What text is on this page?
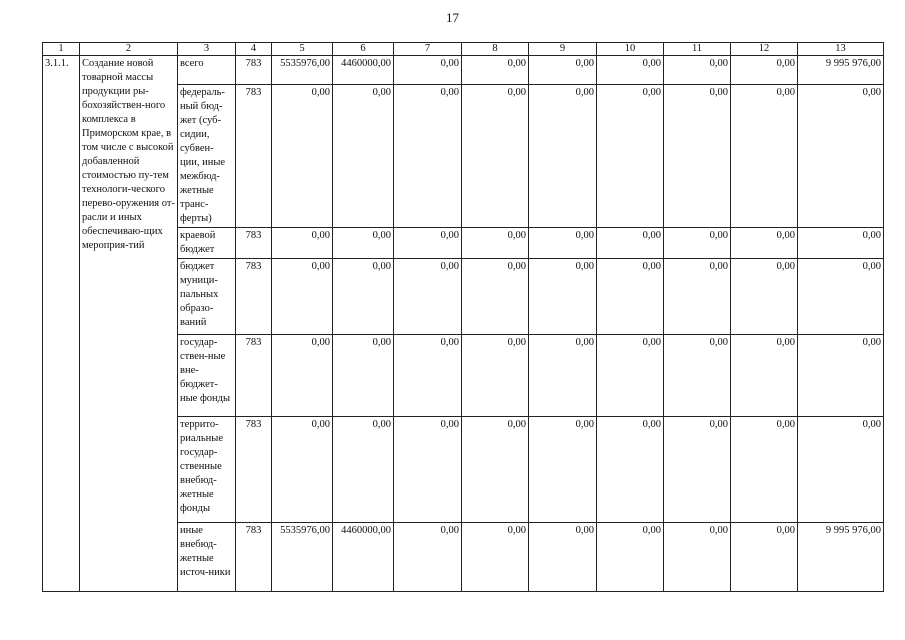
17
1	2	3	4	5	6	7	8	9	10	11	12	13
3.1.1.	Создание новой товарной массы продукции ры-бохозяйствен-ного комплекса в Приморском крае, в том числе с высокой добавленной стоимостью пу-тем технологи-ческого перево-оружения от-расли и иных обеспечиваю-щих мероприя-тий	всего	783	5535976,00	4460000,00	0,00	0,00	0,00	0,00	0,00	0,00	9 995 976,00
		федераль-ный бюд-жет (суб-сидии, субвен-ции, иные межбюд-жетные транс-ферты)	783	0,00	0,00	0,00	0,00	0,00	0,00	0,00	0,00	0,00
		краевой бюджет	783	0,00	0,00	0,00	0,00	0,00	0,00	0,00	0,00	0,00
		бюджет муници-пальных образо-ваний	783	0,00	0,00	0,00	0,00	0,00	0,00	0,00	0,00	0,00
		государ-ствен-ные вне-бюджет-ные фонды	783	0,00	0,00	0,00	0,00	0,00	0,00	0,00	0,00	0,00
		террито-риальные государ-ственные внебюд-жетные фонды	783	0,00	0,00	0,00	0,00	0,00	0,00	0,00	0,00	0,00
		иные внебюд-жетные источ-ники	783	5535976,00	4460000,00	0,00	0,00	0,00	0,00	0,00	0,00	9 995 976,00
